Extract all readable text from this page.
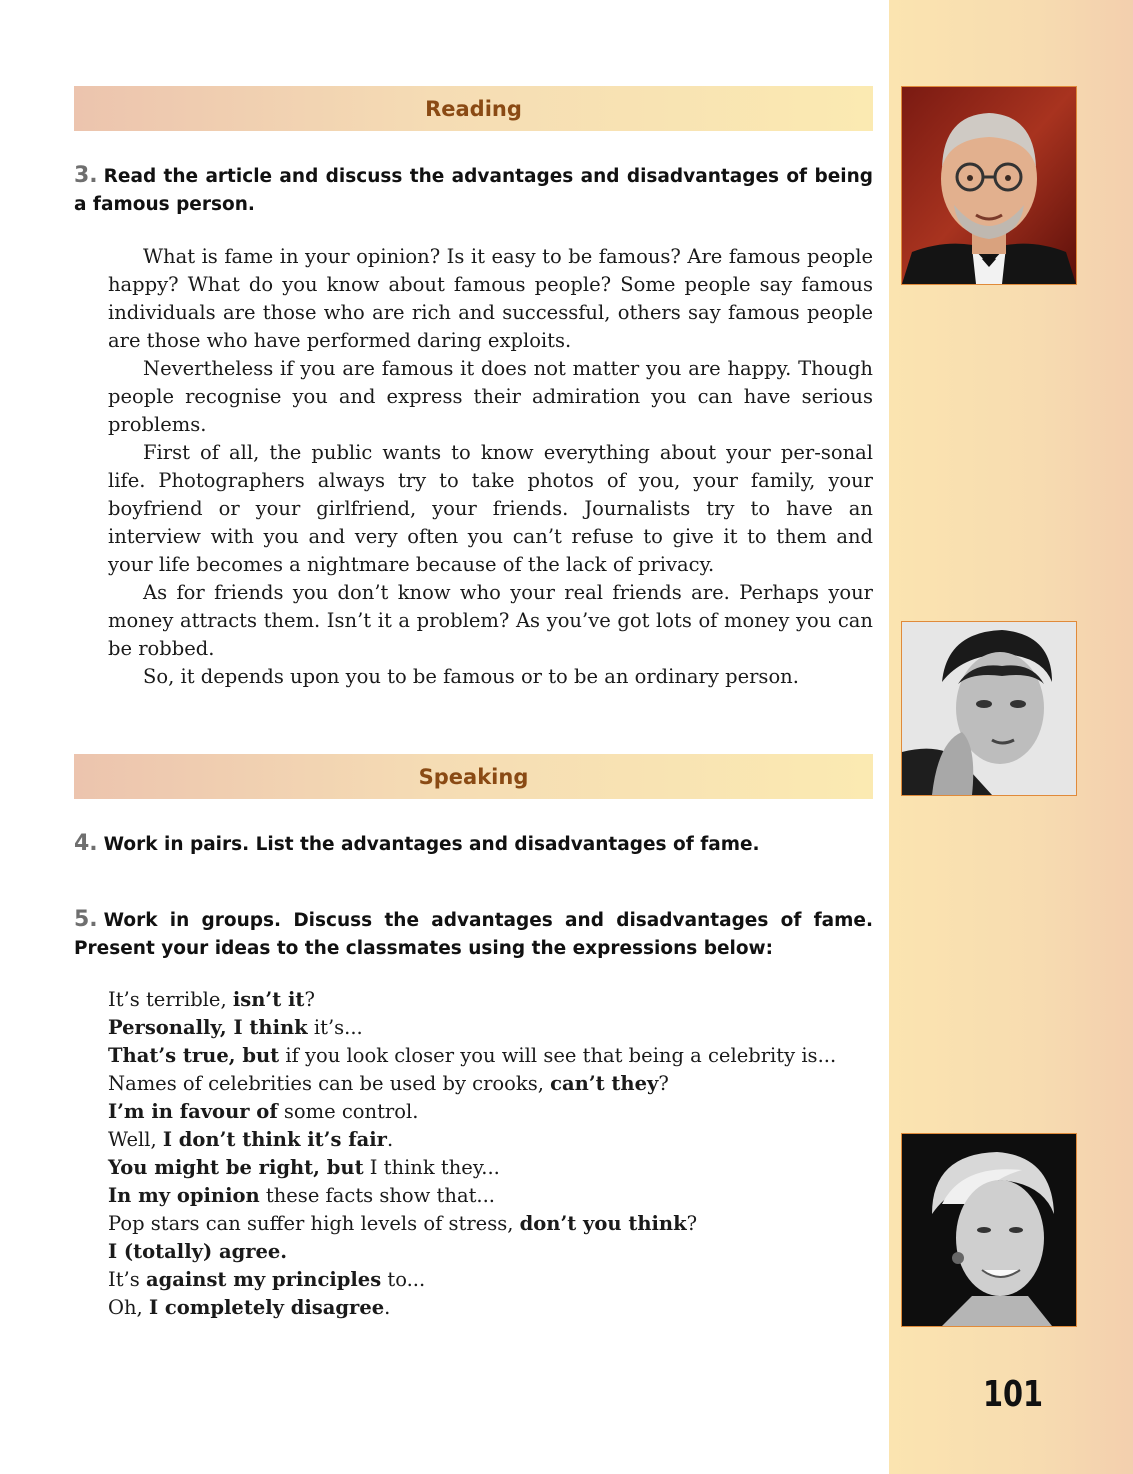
Reading
3. Read the article and discuss the advantages and disadvantages of being a famous person.

What is fame in your opinion? Is it easy to be famous? Are famous people happy? What do you know about famous people? Some people say famous individuals are those who are rich and successful, others say famous people are those who have performed daring exploits.

Nevertheless if you are famous it does not matter you are happy. Though people recognise you and express their admiration you can have serious problems.

First of all, the public wants to know everything about your per-sonal life. Photographers always try to take photos of you, your family, your boyfriend or your girlfriend, your friends. Journalists try to have an interview with you and very often you can’t refuse to give it to them and your life becomes a nightmare because of the lack of privacy.

As for friends you don’t know who your real friends are. Perhaps your money attracts them. Isn’t it a problem? As you’ve got lots of money you can be robbed.

So, it depends upon you to be famous or to be an ordinary person.

Speaking
4. Work in pairs. List the advantages and disadvantages of fame.
5. Work in groups. Discuss the advantages and disadvantages of fame. Present your ideas to the classmates using the expressions below:
It’s terrible, isn’t it?
Personally, I think it’s...
That’s true, but if you look closer you will see that being a celebrity is...
Names of celebrities can be used by crooks, can’t they?
I’m in favour of some control.
Well, I don’t think it’s fair.
You might be right, but I think they...
In my opinion these facts show that...
Pop stars can suffer high levels of stress, don’t you think?
I (totally) agree.
It’s against my principles to...
Oh, I completely disagree.
101
